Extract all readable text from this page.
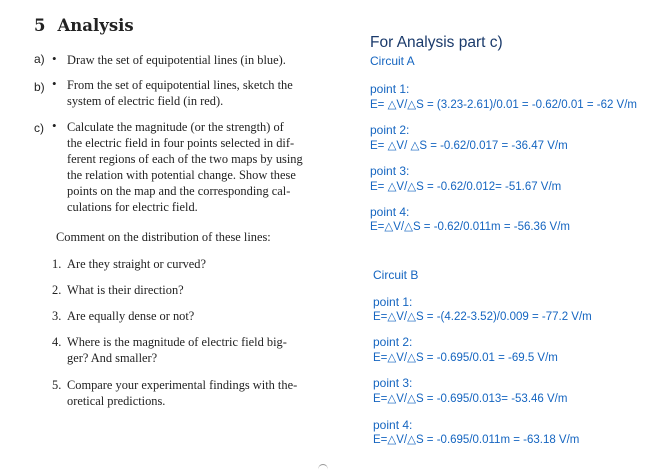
5 Analysis
a) • Draw the set of equipotential lines (in blue).
b) • From the set of equipotential lines, sketch the
system of electric field (in red).
c) • Calculate the magnitude (or the strength) of
the electric field in four points selected in dif-
ferent regions of each of the two maps by using
the relation with potential change. Show these
points on the map and the corresponding cal-
culations for electric field.
Comment on the distribution of these lines:
1. Are they straight or curved?
2. What is their direction?
3. Are equally dense or not?
4. Where is the magnitude of electric field big-
ger? And smaller?
5. Compare your experimental findings with the-
oretical predictions.
For Analysis part c)
Circuit A
point 1:
E= △V/△S = (3.23-2.61)/0.01 = -0.62/0.01 = -62 V/m
point 2:
E= △V/ △S = -0.62/0.017 = -36.47 V/m
point 3:
E= △V/△S = -0.62/0.012= -51.67 V/m
point 4:
E=△V/△S = -0.62/0.011m = -56.36 V/m
Circuit B
point 1:
E=△V/△S = -(4.22-3.52)/0.009 = -77.2 V/m
point 2:
E=△V/△S = -0.695/0.01 = -69.5 V/m
point 3:
E=△V/△S = -0.695/0.013= -53.46 V/m
point 4:
E=△V/△S = -0.695/0.011m = -63.18 V/m
